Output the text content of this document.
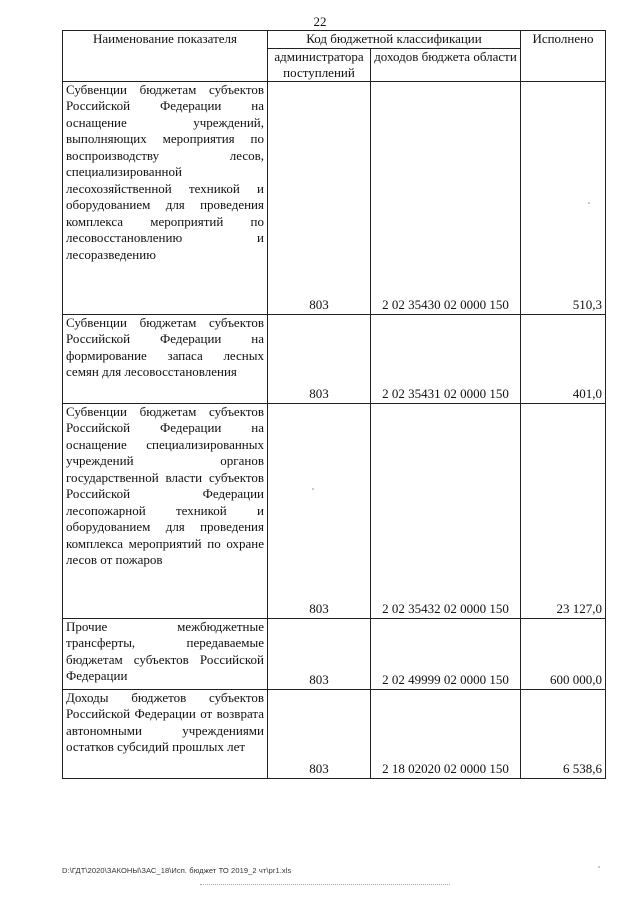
22
Наименование показателя	Код бюджетной классификации		Исполнено
	администратора поступлений	доходов бюджета области	
Субвенции бюджетам субъектов Российской Федерации на оснащение учреждений, выполняющих мероприятия по воспроизводству лесов, специализированной лесохозяйственной техникой и оборудованием для проведения комплекса мероприятий по лесовосстановлению и лесоразведению	803	2 02 35430 02 0000 150	510,3
Субвенции бюджетам субъектов Российской Федерации на формирование запаса лесных семян для лесовосстановления	803	2 02 35431 02 0000 150	401,0
Субвенции бюджетам субъектов Российской Федерации на оснащение специализированных учреждений органов государственной власти субъектов Российской Федерации лесопожарной техникой и оборудованием для проведения комплекса мероприятий по охране лесов от пожаров	803	2 02 35432 02 0000 150	23 127,0
Прочие межбюджетные трансферты, передаваемые бюджетам субъектов Российской Федерации	803	2 02 49999 02 0000 150	600 000,0
Доходы бюджетов субъектов Российской Федерации от возврата автономными учреждениями остатков субсидий прошлых лет	803	2 18 02020 02 0000 150	6 538,6
D:\ГДТ\2020\ЗАКОНЫ\ЗАС_18\Исп. бюджет ТО 2019_2 чт\рr1.xls
